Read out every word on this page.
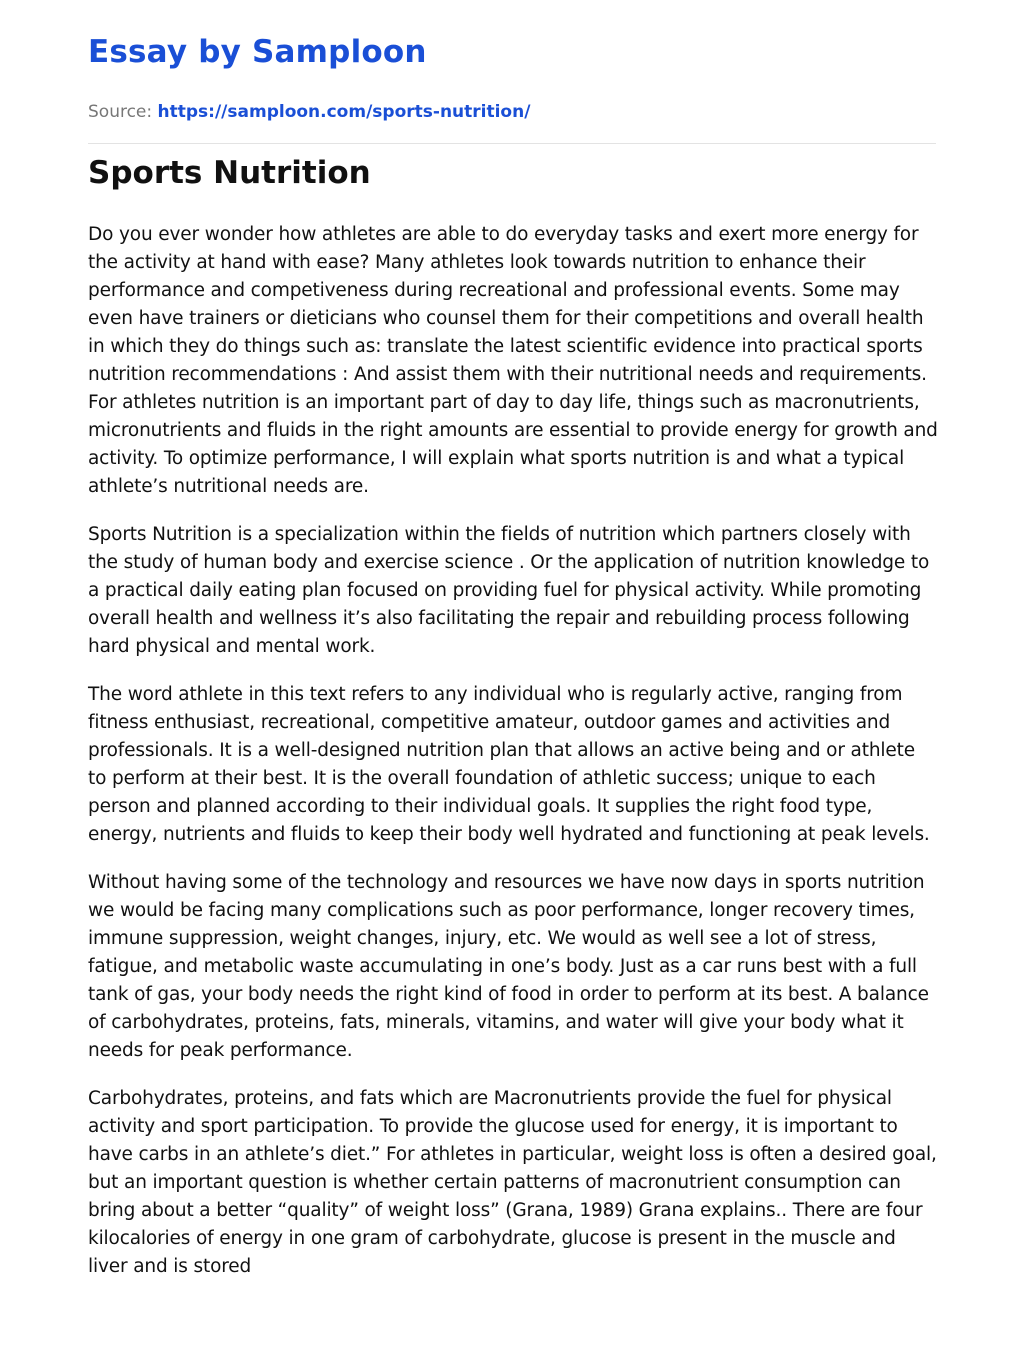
Essay by Samploon
Source: https://samploon.com/sports-nutrition/
Sports Nutrition

Do you ever wonder how athletes are able to do everyday tasks and exert more energy for the activity at hand with ease? Many athletes look towards nutrition to enhance their performance and competiveness during recreational and professional events. Some may even have trainers or dieticians who counsel them for their competitions and overall health in which they do things such as: translate the latest scientific evidence into practical sports nutrition recommendations : And assist them with their nutritional needs and requirements. For athletes nutrition is an important part of day to day life, things such as macronutrients, micronutrients and fluids in the right amounts are essential to provide energy for growth and activity. To optimize performance, I will explain what sports nutrition is and what a typical athlete’s nutritional needs are.

Sports Nutrition is a specialization within the fields of nutrition which partners closely with the study of human body and exercise science . Or the application of nutrition knowledge to a practical daily eating plan focused on providing fuel for physical activity. While promoting overall health and wellness it’s also facilitating the repair and rebuilding process following hard physical and mental work.

The word athlete in this text refers to any individual who is regularly active, ranging from fitness enthusiast, recreational, competitive amateur, outdoor games and activities and professionals. It is a well-designed nutrition plan that allows an active being and or athlete to perform at their best. It is the overall foundation of athletic success; unique to each person and planned according to their individual goals. It supplies the right food type, energy, nutrients and fluids to keep their body well hydrated and functioning at peak levels.

Without having some of the technology and resources we have now days in sports nutrition we would be facing many complications such as poor performance, longer recovery times, immune suppression, weight changes, injury, etc. We would as well see a lot of stress, fatigue, and metabolic waste accumulating in one’s body. Just as a car runs best with a full tank of gas, your body needs the right kind of food in order to perform at its best. A balance of carbohydrates, proteins, fats, minerals, vitamins, and water will give your body what it needs for peak performance.

Carbohydrates, proteins, and fats which are Macronutrients provide the fuel for physical activity and sport participation. To provide the glucose used for energy, it is important to have carbs in an athlete’s diet.” For athletes in particular, weight loss is often a desired goal, but an important question is whether certain patterns of macronutrient consumption can bring about a better “quality” of weight loss” (Grana, 1989) Grana explains.. There are four kilocalories of energy in one gram of carbohydrate, glucose is present in the muscle and liver and is stored
